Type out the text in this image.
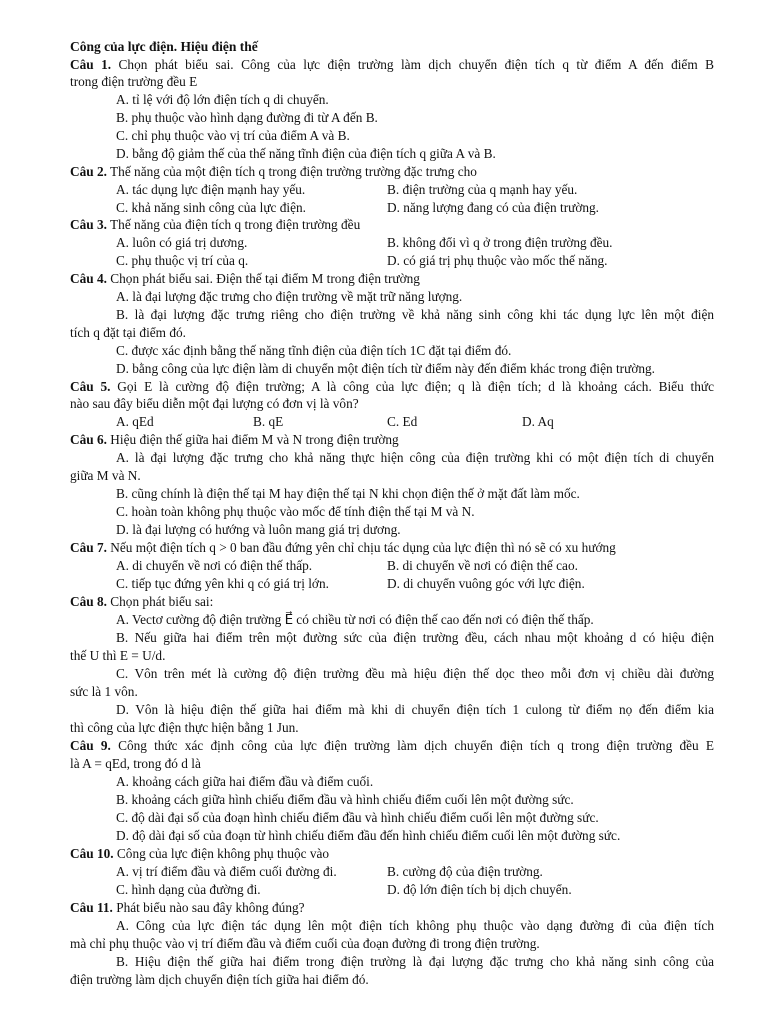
Công của lực điện. Hiệu điện thế
Câu 1. Chọn phát biểu sai. Công của lực điện trường làm dịch chuyển điện tích q từ điểm A đến điểm B
trong điện trường đều E
A. tỉ lệ với độ lớn điện tích q di chuyển.
B. phụ thuộc vào hình dạng đường đi từ A đến B.
C. chỉ phụ thuộc vào vị trí của điểm A và B.
D. bằng độ giảm thế của thế năng tĩnh điện của điện tích q giữa A và B.
Câu 2. Thế năng của một điện tích q trong điện trường trường đặc trưng cho
A. tác dụng lực điện mạnh hay yếu.	B. điện trường của q mạnh hay yếu.
C. khả năng sinh công của lực điện.	D. năng lượng đang có của điện trường.
Câu 3. Thế năng của điện tích q trong điện trường đều
A. luôn có giá trị dương.	B. không đổi vì q ở trong điện trường đều.
C. phụ thuộc vị trí của q.	D. có giá trị phụ thuộc vào mốc thế năng.
Câu 4. Chọn phát biểu sai. Điện thế tại điểm M trong điện trường
A. là đại lượng đặc trưng cho điện trường về mặt trữ năng lượng.
B. là đại lượng đặc trưng riêng cho điện trường về khả năng sinh công khi tác dụng lực lên một điện
tích q đặt tại điểm đó.
C. được xác định bằng thế năng tĩnh điện của điện tích 1C đặt tại điểm đó.
D. bằng công của lực điện làm di chuyển một điện tích từ điểm này đến điểm khác trong điện trường.
Câu 5. Gọi E là cường độ điện trường; A là công của lực điện; q là điện tích; d là khoảng cách. Biểu thức
nào sau đây biểu diễn một đại lượng có đơn vị là vôn?
A. qEd	B. qE	C. Ed	D. Aq
Câu 6. Hiệu điện thế giữa hai điểm M và N trong điện trường
A. là đại lượng đặc trưng cho khả năng thực hiện công của điện trường khi có một điện tích di chuyển
giữa M và N.
B. cũng chính là điện thế tại M hay điện thế tại N khi chọn điện thế ở mặt đất làm mốc.
C. hoàn toàn không phụ thuộc vào mốc để tính điện thế tại M và N.
D. là đại lượng có hướng và luôn mang giá trị dương.
Câu 7. Nếu một điện tích q > 0 ban đầu đứng yên chỉ chịu tác dụng của lực điện thì nó sẽ có xu hướng
A. di chuyển về nơi có điện thế thấp.	B. di chuyển về nơi có điện thế cao.
C. tiếp tục đứng yên khi q có giá trị lớn.	D. di chuyển vuông góc với lực điện.
Câu 8. Chọn phát biểu sai:
A. Vectơ cường độ điện trường E⃗ có chiều từ nơi có điện thế cao đến nơi có điện thế thấp.
B. Nếu giữa hai điểm trên một đường sức của điện trường đều, cách nhau một khoảng d có hiệu điện
thế U thì E = U/d.
C. Vôn trên mét là cường độ điện trường đều mà hiệu điện thế dọc theo mỗi đơn vị chiều dài đường
sức là 1 vôn.
D. Vôn là hiệu điện thế giữa hai điểm mà khi di chuyển điện tích 1 culong từ điểm nọ đến điểm kia
thì công của lực điện thực hiện bằng 1 Jun.
Câu 9. Công thức xác định công của lực điện trường làm dịch chuyển điện tích q trong điện trường đều E
là A = qEd, trong đó d là
A. khoảng cách giữa hai điểm đầu và điểm cuối.
B. khoảng cách giữa hình chiếu điểm đầu và hình chiếu điểm cuối lên một đường sức.
C. độ dài đại số của đoạn hình chiếu điểm đầu và hình chiếu điểm cuối lên một đường sức.
D. độ dài đại số của đoạn từ hình chiếu điểm đầu đến hình chiếu điểm cuối lên một đường sức.
Câu 10. Công của lực điện không phụ thuộc vào
A. vị trí điểm đầu và điểm cuối đường đi.	B. cường độ của điện trường.
C. hình dạng của đường đi.	D. độ lớn điện tích bị dịch chuyển.
Câu 11. Phát biểu nào sau đây không đúng?
A. Công của lực điện tác dụng lên một điện tích không phụ thuộc vào dạng đường đi của điện tích
mà chỉ phụ thuộc vào vị trí điểm đầu và điểm cuối của đoạn đường đi trong điện trường.
B. Hiệu điện thế giữa hai điểm trong điện trường là đại lượng đặc trưng cho khả năng sinh công của
điện trường làm dịch chuyển điện tích giữa hai điểm đó.
